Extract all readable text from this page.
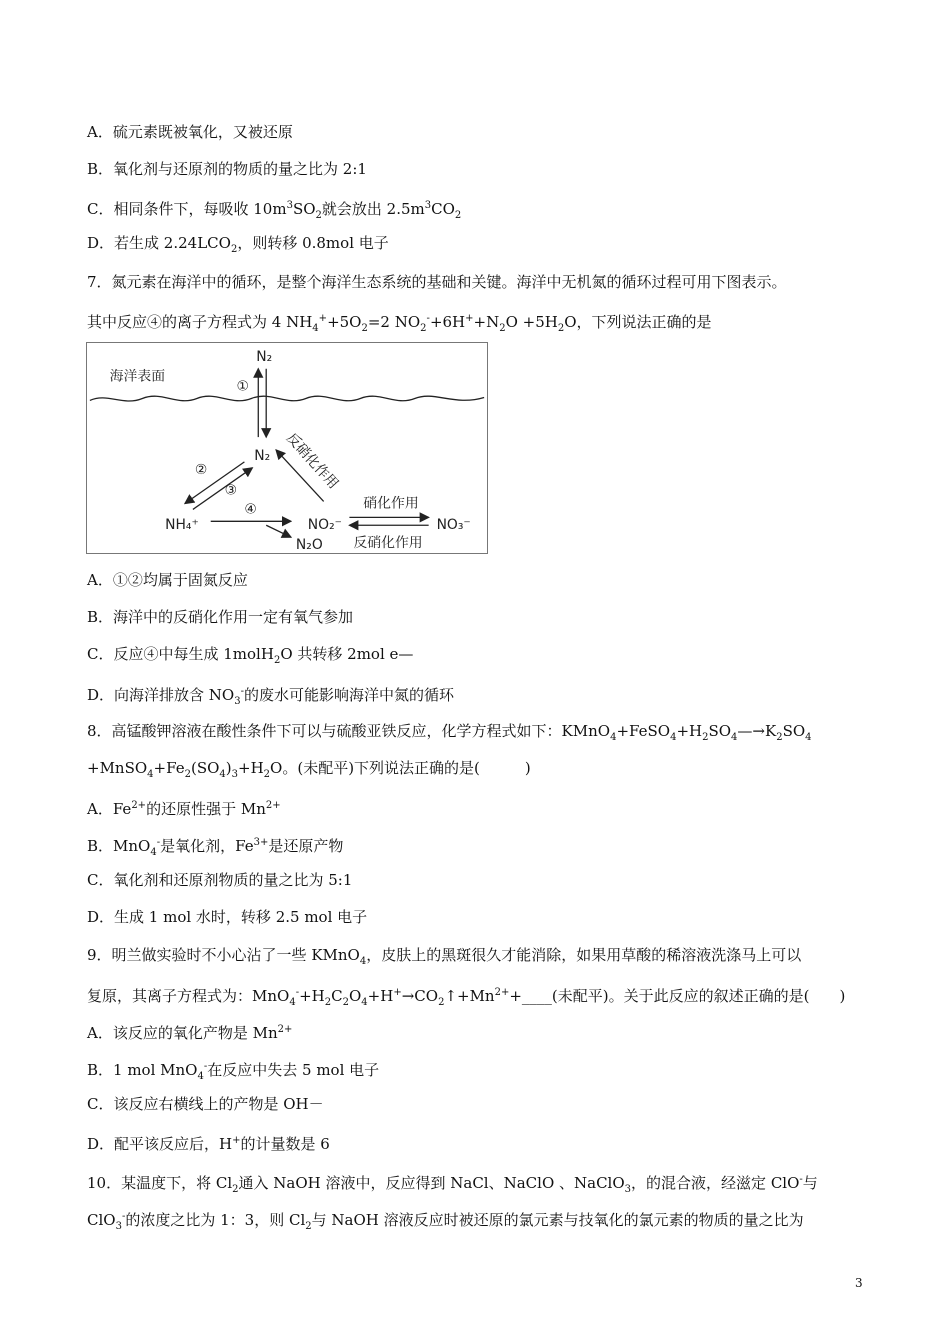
A．硫元素既被氧化，又被还原
B．氧化剂与还原剂的物质的量之比为 2:1
C．相同条件下，每吸收 $10m^3SO_2$就会放出 $2.5m^3CO_2$
D．若生成 $2.24LCO_2$，则转移 0.8mol 电子
7．氮元素在海洋中的循环，是整个海洋生态系统的基础和关键。海洋中无机氮的循环过程可用下图表示。
其中反应④的离子方程式为 4 $NH_4^++5O_2=2$ $NO_2^-+6H^++N_2O +5H_2O$，下列说法正确的是
海洋表面
N₂
①
N₂
②
③	反硝化作用
NH₄⁺
④
NO₂⁻
N₂O
硝化作用
反硝化作用
NO₃⁻
A．①②均属于固氮反应
B．海洋中的反硝化作用一定有氧气参加
C．反应④中每生成 1molH$_2$O 共转移 2mol e—
D．向海洋排放含 $NO_3^-$的废水可能影响海洋中氮的循环
8．高锰酸钾溶液在酸性条件下可以与硫酸亚铁反应，化学方程式如下：$KMnO_4+FeSO_4+H_2SO_4—\to K_2SO_4$
$+MnSO_4+Fe_2(SO_4)_3+H_2O$。(未配平)下列说法正确的是(　　　)
A．$Fe^{2+}$的还原性强于 $Mn^{2+}$
B．MnO$_4$-是氧化剂，$Fe^{3+}$是还原产物
C．氧化剂和还原剂物质的量之比为 5:1
D．生成 1 mol 水时，转移 2.5 mol 电子
9．明兰做实验时不小心沾了一些 KMnO$_4$，皮肤上的黑斑很久才能消除，如果用草酸的稀溶液洗涤马上可以
复原，其离子方程式为：$MnO_4^-+H_2C_2O_4+H^+\to CO_2↑+Mn^{2+}+\_\_\_\_$(未配平)。关于此反应的叙述正确的是(　　)
A．该反应的氧化产物是 $Mn^{2+}$
B．1 mol MnO$_4$-在反应中失去 5 mol 电子
C．该反应右横线上的产物是 OH－
D．配平该反应后，H+的计量数是 6
10．某温度下，将 $Cl_2$通入 NaOH 溶液中，反应得到 NaCl、NaClO 、NaClO$_3$，的混合液，经滋定 ClO-与
ClO$_3$-的浓度之比为 1：3，则 $Cl_2$与 NaOH 溶液反应时被还原的氯元素与技氧化的氯元素的物质的量之比为
3
